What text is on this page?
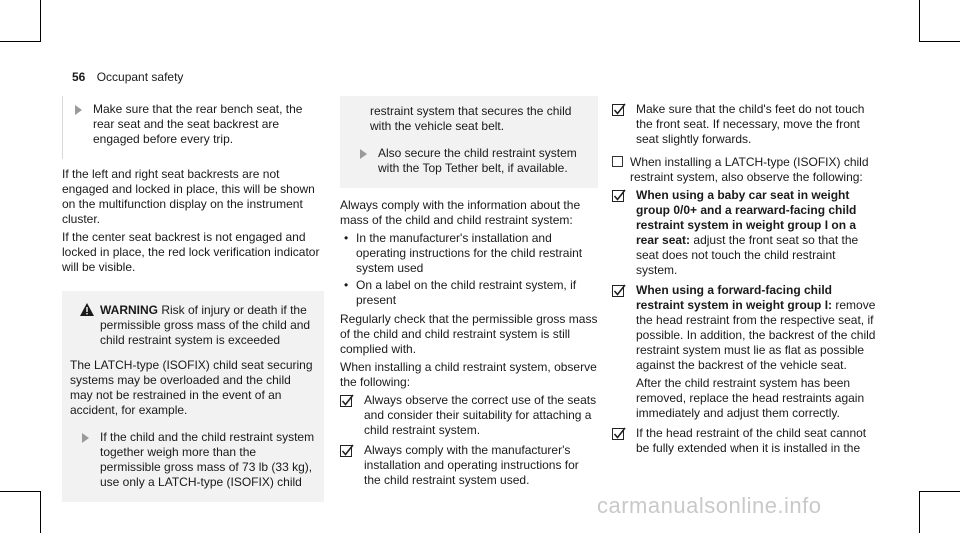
56 Occupant safety
Make sure that the rear bench seat, the rear seat and the seat backrest are engaged before every trip.

If the left and right seat backrests are not engaged and locked in place, this will be shown on the multifunction display on the instrument cluster.

If the center seat backrest is not engaged and locked in place, the red lock verification indicator will be visible.

WARNING Risk of injury or death if the permissible gross mass of the child and child restraint system is exceeded

The LATCH-type (ISOFIX) child seat securing systems may be overloaded and the child may not be restrained in the event of an accident, for example.

If the child and the child restraint system together weigh more than the permissible gross mass of 73 lb (33 kg), use only a LATCH-type (ISOFIX) child

restraint system that secures the child with the vehicle seat belt.

Also secure the child restraint system with the Top Tether belt, if available.

Always comply with the information about the mass of the child and child restraint system:

• In the manufacturer's installation and operating instructions for the child restraint system used
• On a label on the child restraint system, if present

Regularly check that the permissible gross mass of the child and child restraint system is still complied with.

When installing a child restraint system, observe the following:

Always observe the correct use of the seats and consider their suitability for attaching a child restraint system.
Always comply with the manufacturer's installation and operating instructions for the child restraint system used.
Make sure that the child's feet do not touch the front seat. If necessary, move the front seat slightly forwards.

When installing a LATCH-type (ISOFIX) child restraint system, also observe the following:

When using a baby car seat in weight group 0/0+ and a rearward-facing child restraint system in weight group I on a rear seat: adjust the front seat so that the seat does not touch the child restraint system.
When using a forward-facing child restraint system in weight group I: remove the head restraint from the respective seat, if possible. In addition, the backrest of the child restraint system must lie as flat as possible against the backrest of the vehicle seat.

After the child restraint system has been removed, replace the head restraints again immediately and adjust them correctly.

If the head restraint of the child seat cannot be fully extended when it is installed in the
carmanualsonline.info
